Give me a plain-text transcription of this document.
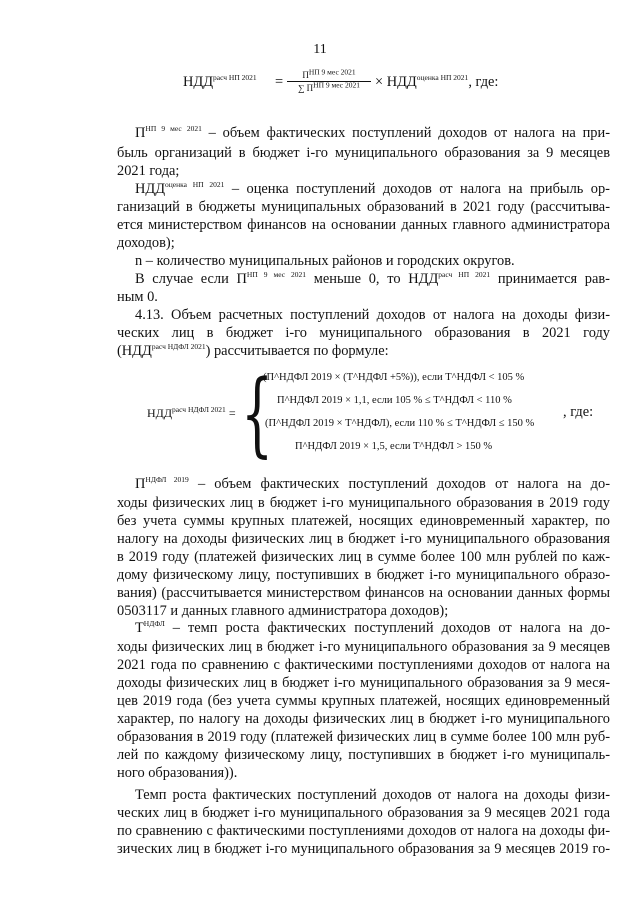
11
$НДД^{расч НП 2021}$ =	$П^{НП 9 мес 2021}$
∑ $П^{НП 9 мес 2021}$	× $НДД^{оценка НП 2021}$, где:
$П^{НП 9 мес 2021}$ – объем фактических поступлений доходов от налога на при-
быль организаций в бюджет i-го муниципального образования за 9 месяцев
2021 года;
$НДД^{оценка НП 2021}$ – оценка поступлений доходов от налога на прибыль ор-
ганизаций в бюджеты муниципальных образований в 2021 году (рассчитыва-
ется министерством финансов на основании данных главного администратора
доходов);
n – количество муниципальных районов и городских округов.
В случае если $П^{НП 9 мес 2021}$ меньше 0, то $НДД^{расч НП 2021}$ принимается рав-
ным 0.
4.13. Объем расчетных поступлений доходов от налога на доходы физи-
ческих лиц в бюджет i-го муниципального образования в 2021 году
$(НДД^{расч НДФЛ 2021})$ рассчитывается по формуле:
$НДД^{расч НДФЛ 2021}$ = {
(П^НДФЛ 2019 × (T^НДФЛ +5%)), если T^НДФЛ < 105 %
П^НДФЛ 2019 × 1,1, если 105 % ≤ T^НДФЛ < 110 %
(П^НДФЛ 2019 × T^НДФЛ), если 110 % ≤ T^НДФЛ ≤ 150 %
П^НДФЛ 2019 × 1,5, если T^НДФЛ > 150 %
, где:
$П^{НДФЛ 2019}$ – объем фактических поступлений доходов от налога на до-
ходы физических лиц в бюджет i-го муниципального образования в 2019 году
без учета суммы крупных платежей, носящих единовременный характер, по
налогу на доходы физических лиц в бюджет i-го муниципального образования
в 2019 году (платежей физических лиц в сумме более 100 млн рублей по каж-
дому физическому лицу, поступивших в бюджет i-го муниципального образо-
вания) (рассчитывается министерством финансов на основании данных формы
0503117 и данных главного администратора доходов);
$T^{НДФЛ}$ – темп роста фактических поступлений доходов от налога на до-
ходы физических лиц в бюджет i-го муниципального образования за 9 месяцев
2021 года по сравнению с фактическими поступлениями доходов от налога на
доходы физических лиц в бюджет i-го муниципального образования за 9 меся-
цев 2019 года (без учета суммы крупных платежей, носящих единовременный
характер, по налогу на доходы физических лиц в бюджет i-го муниципального
образования в 2019 году (платежей физических лиц в сумме более 100 млн руб-
лей по каждому физическому лицу, поступивших в бюджет i-го муниципаль-
ного образования)).
Темп роста фактических поступлений доходов от налога на доходы физи-
ческих лиц в бюджет i-го муниципального образования за 9 месяцев 2021 года
по сравнению с фактическими поступлениями доходов от налога на доходы фи-
зических лиц в бюджет i-го муниципального образования за 9 месяцев 2019 го-
